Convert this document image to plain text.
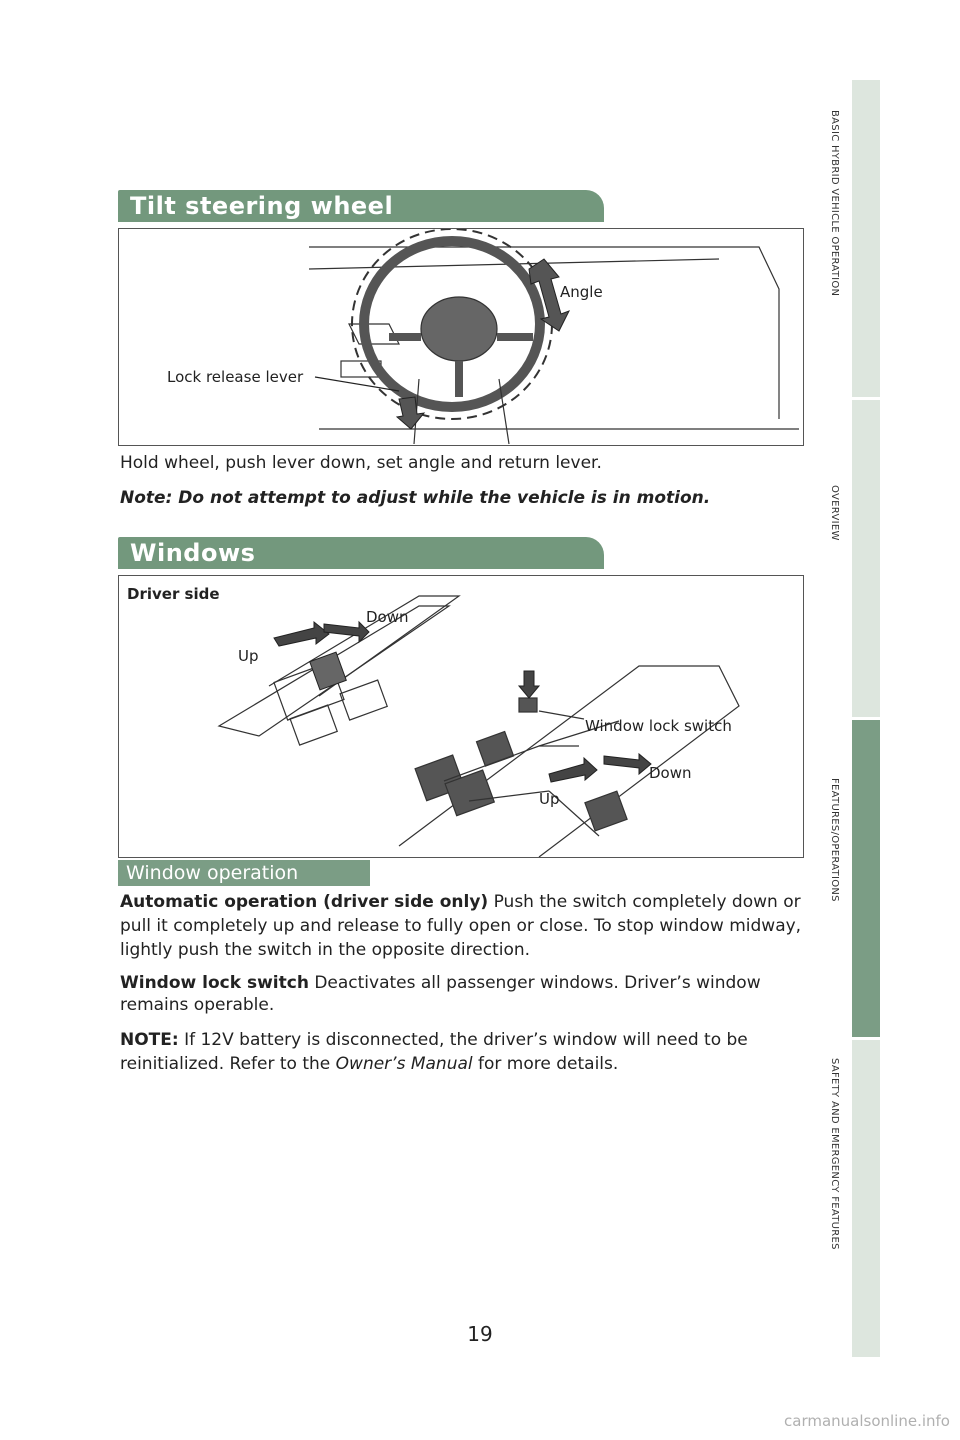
Tilt steering wheel
Angle
Lock release lever
Hold wheel, push lever down, set angle and return lever.
Note: Do not attempt to adjust while the vehicle is in motion.
Windows
Driver side
Down
Up
Window lock switch
Down
Up
Window operation
Automatic operation (driver side only) Push the switch completely down or pull it completely up and release to fully open or close. To stop window midway, lightly push the switch in the opposite direction.
Window lock switch Deactivates all passenger windows. Driver’s window remains operable.
NOTE: If 12V battery is disconnected, the driver’s window will need to be reinitialized. Refer to the Owner’s Manual for more details.
BASIC HYBRID VEHICLE OPERATION
OVERVIEW
FEATURES/OPERATIONS
SAFETY AND EMERGENCY FEATURES
19
carmanualsonline.info
